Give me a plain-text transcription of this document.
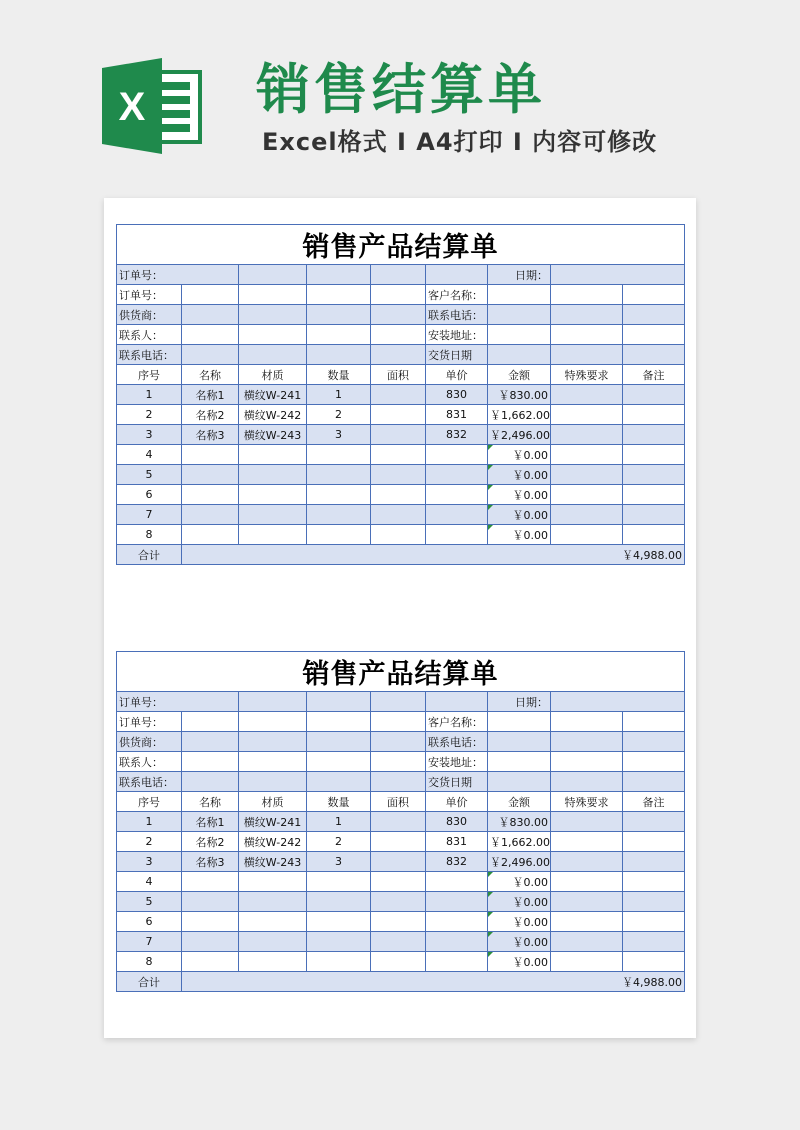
X 销售结算单
Excel格式 I A4打印 I 内容可修改
销售产品结算单								
订单号：						日期：		
订单号：					客户名称：			
供货商：					联系电话：			
联系人：					安装地址：			
联系电话：					交货日期			
序号	名称	材质	数量	面积	单价	金额	特殊要求	备注
1	名称1	横纹W-241	1		830	￥830.00		
2	名称2	横纹W-242	2		831	￥1,662.00		
3	名称3	横纹W-243	3		832	￥2,496.00		
4						￥0.00		
5						￥0.00		
6						￥0.00		
7						￥0.00		
8						￥0.00		
合计	￥4,988.00							
销售产品结算单								
订单号：						日期：		
订单号：					客户名称：			
供货商：					联系电话：			
联系人：					安装地址：			
联系电话：					交货日期			
序号	名称	材质	数量	面积	单价	金额	特殊要求	备注
1	名称1	横纹W-241	1		830	￥830.00		
2	名称2	横纹W-242	2		831	￥1,662.00		
3	名称3	横纹W-243	3		832	￥2,496.00		
4						￥0.00		
5						￥0.00		
6						￥0.00		
7						￥0.00		
8						￥0.00		
合计	￥4,988.00							
